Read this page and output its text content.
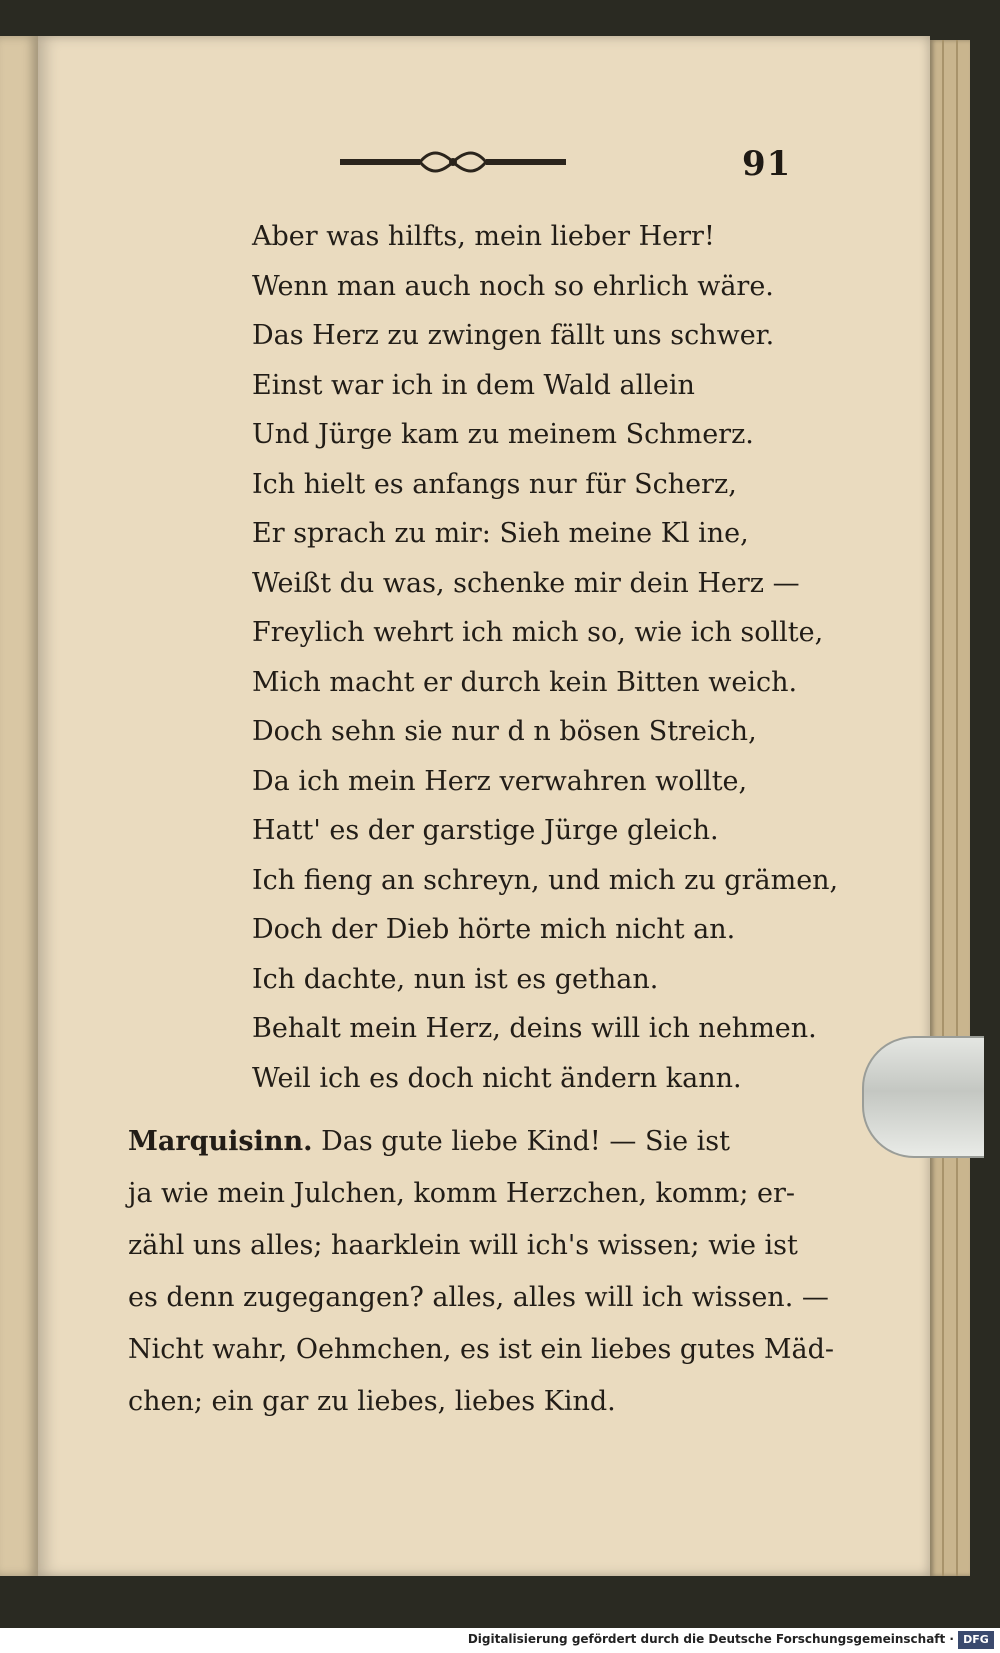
91
Aber was hilfts, mein lieber Herr!
Wenn man auch noch so ehrlich wäre.
Das Herz zu zwingen fällt uns schwer.
Einst war ich in dem Wald allein
Und Jürge kam zu meinem Schmerz.
Ich hielt es anfangs nur für Scherz,
Er sprach zu mir: Sieh meine Kl ine,
Weißt du was, schenke mir dein Herz —
Freylich wehrt ich mich so, wie ich sollte,
Mich macht er durch kein Bitten weich.
Doch sehn sie nur d n bösen Streich,
Da ich mein Herz verwahren wollte,
Hatt' es der garstige Jürge gleich.
Ich fieng an schreyn, und mich zu grämen,
Doch der Dieb hörte mich nicht an.
Ich dachte, nun ist es gethan.
Behalt mein Herz, deins will ich nehmen.
Weil ich es doch nicht ändern kann.
Marquisinn. Das gute liebe Kind! — Sie ist
ja wie mein Julchen, komm Herzchen, komm; er-
zähl uns alles; haarklein will ich's wissen; wie ist
es denn zugegangen? alles, alles will ich wissen. —
Nicht wahr, Oehmchen, es ist ein liebes gutes Mäd-
chen; ein gar zu liebes, liebes Kind.
Digitalisierung gefördert durch die Deutsche Forschungsgemeinschaft · DFG
